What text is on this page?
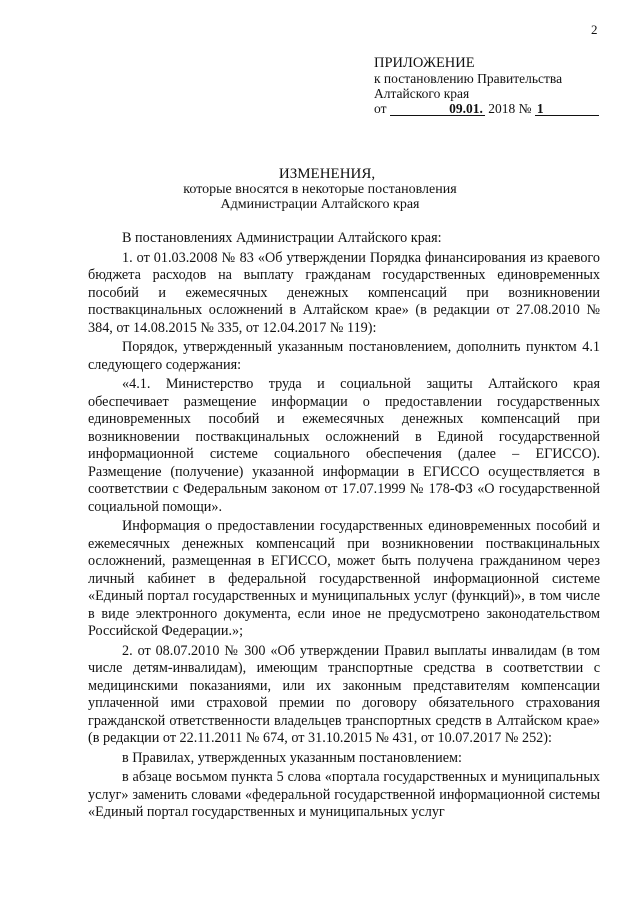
2
ПРИЛОЖЕНИЕ
к постановлению Правительства
Алтайского края
от	09.01. 2018 № 1
ИЗМЕНЕНИЯ,
которые вносятся в некоторые постановления
Администрации Алтайского края

В постановлениях Администрации Алтайского края:

1. от 01.03.2008 № 83 «Об утверждении Порядка финансирования из краевого бюджета расходов на выплату гражданам государственных единовременных пособий и ежемесячных денежных компенсаций при возникновении поствакцинальных осложнений в Алтайском крае» (в редакции от 27.08.2010 № 384, от 14.08.2015 № 335, от 12.04.2017 № 119):

Порядок, утвержденный указанным постановлением, дополнить пунктом 4.1 следующего содержания:

«4.1. Министерство труда и социальной защиты Алтайского края обеспечивает размещение информации о предоставлении государственных единовременных пособий и ежемесячных денежных компенсаций при возникновении поствакцинальных осложнений в Единой государственной информационной системе социального обеспечения (далее – ЕГИССО). Размещение (получение) указанной информации в ЕГИССО осуществляется в соответствии с Федеральным законом от 17.07.1999 № 178-ФЗ «О государственной социальной помощи».

Информация о предоставлении государственных единовременных пособий и ежемесячных денежных компенсаций при возникновении поствакцинальных осложнений, размещенная в ЕГИССО, может быть получена гражданином через личный кабинет в федеральной государственной информационной системе «Единый портал государственных и муниципальных услуг (функций)», в том числе в виде электронного документа, если иное не предусмотрено законодательством Российской Федерации.»;

2. от 08.07.2010 № 300 «Об утверждении Правил выплаты инвалидам (в том числе детям-инвалидам), имеющим транспортные средства в соответствии с медицинскими показаниями, или их законным представителям компенсации уплаченной ими страховой премии по договору обязательного страхования гражданской ответственности владельцев транспортных средств в Алтайском крае» (в редакции от 22.11.2011 № 674, от 31.10.2015 № 431, от 10.07.2017 № 252):

в Правилах, утвержденных указанным постановлением:

в абзаце восьмом пункта 5 слова «портала государственных и муниципальных услуг» заменить словами «федеральной государственной информационной системы «Единый портал государственных и муниципальных услуг
